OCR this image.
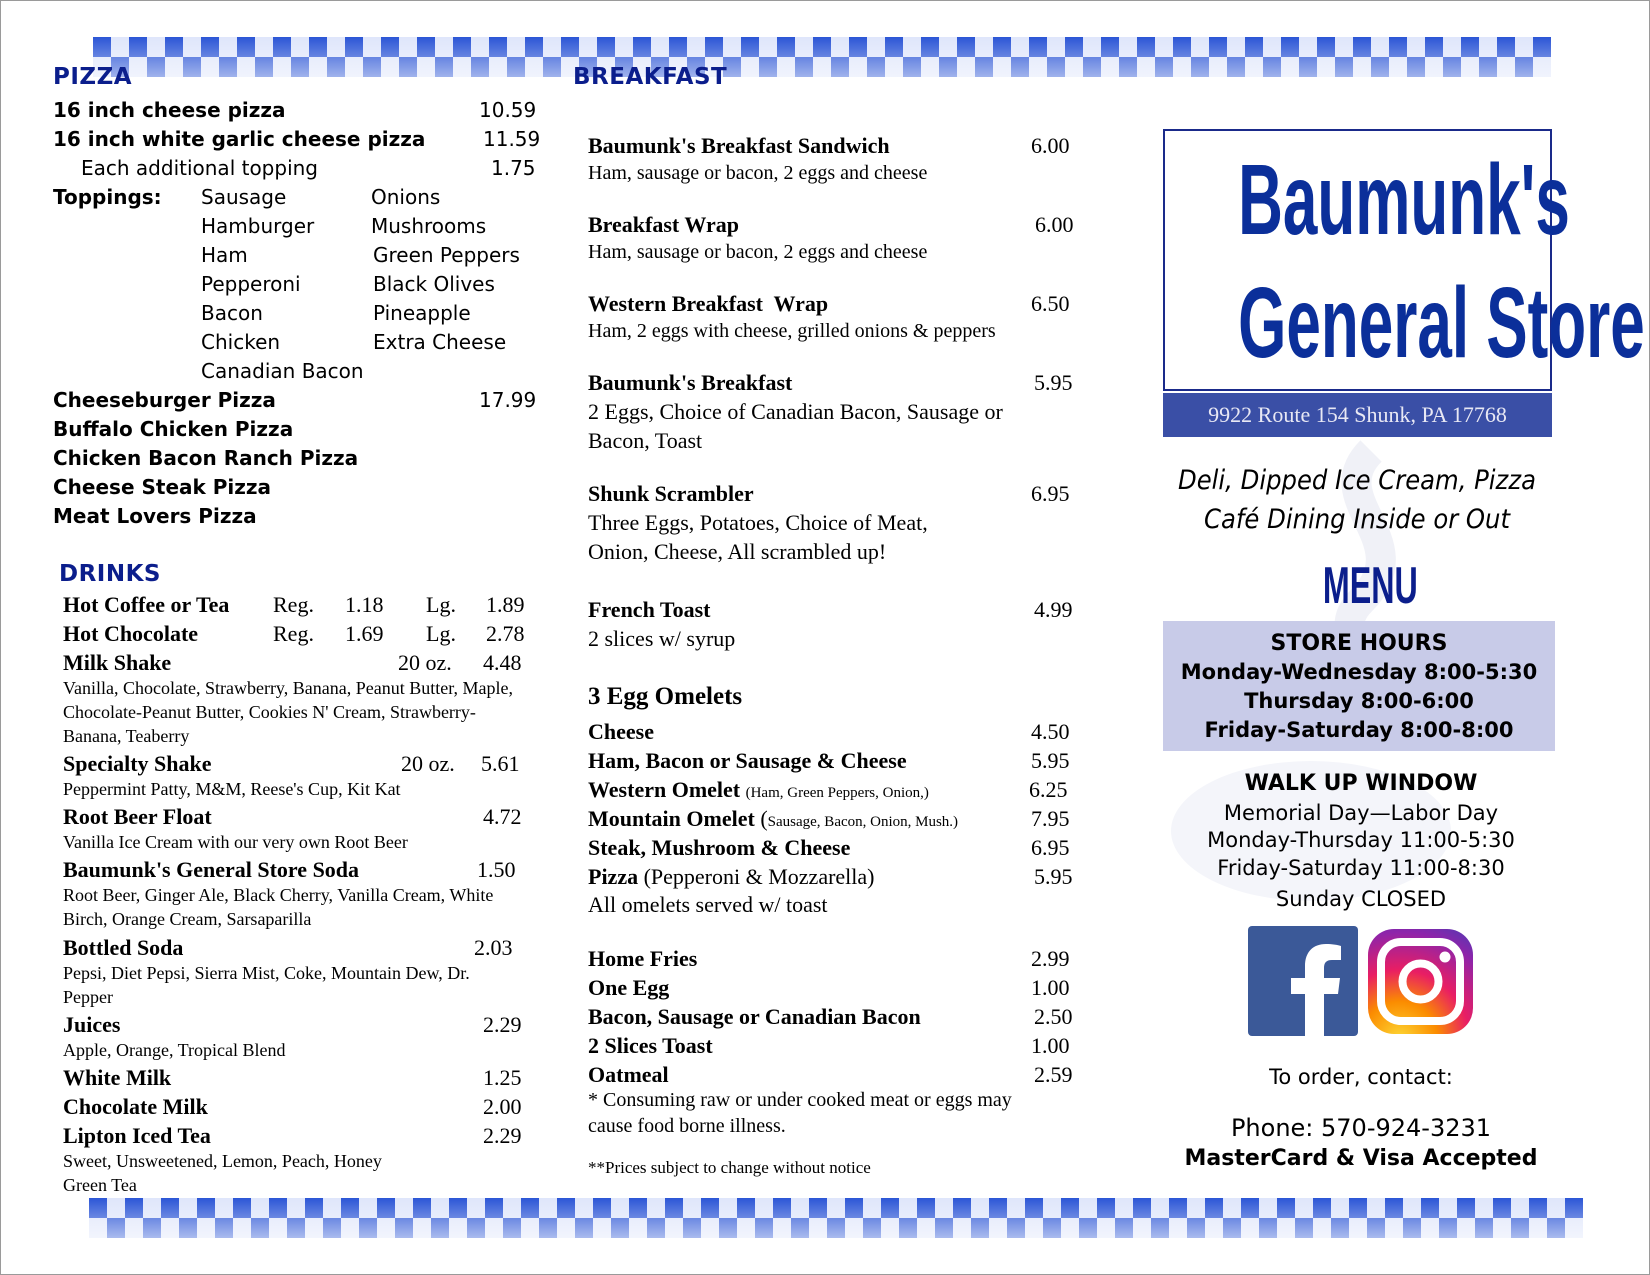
PIZZA
16 inch cheese pizza	10.59
16 inch white garlic cheese pizza	11.59
Each additional topping	1.75
Toppings: Sausage
Hamburger
Ham
Pepperoni
Bacon
Chicken
Canadian Bacon
Onions
Mushrooms
Green Peppers
Black Olives
Pineapple
Extra Cheese
Cheeseburger Pizza	17.99
Buffalo Chicken Pizza
Chicken Bacon Ranch Pizza
Cheese Steak Pizza
Meat Lovers Pizza
DRINKS
Hot Coffee or Tea Reg. 1.18 Lg. 1.89
Hot Chocolate	Reg. 1.69 Lg. 2.78
Milk Shake	20 oz. 4.48
Vanilla, Chocolate, Strawberry, Banana, Peanut Butter, Maple, Chocolate-Peanut Butter, Cookies N' Cream, Strawberry-Banana, Teaberry
Specialty Shake	20 oz. 5.61
Peppermint Patty, M&M, Reese's Cup, Kit Kat
Root Beer Float	4.72
Vanilla Ice Cream with our very own Root Beer
Baumunk's General Store Soda	1.50
Root Beer, Ginger Ale, Black Cherry, Vanilla Cream, White Birch, Orange Cream, Sarsaparilla
Bottled Soda	2.03
Pepsi, Diet Pepsi, Sierra Mist, Coke, Mountain Dew, Dr. Pepper
Juices	2.29
Apple, Orange, Tropical Blend
White Milk	1.25
Chocolate Milk	2.00
Lipton Iced Tea	2.29
Sweet, Unsweetened, Lemon, Peach, Honey Green Tea
BREAKFAST
Baumunk's Breakfast Sandwich	6.00
Ham, sausage or bacon, 2 eggs and cheese
Breakfast Wrap	6.00
Ham, sausage or bacon, 2 eggs and cheese
Western Breakfast  Wrap	6.50
Ham, 2 eggs with cheese, grilled onions & peppers
Baumunk's Breakfast	5.95
2 Eggs, Choice of Canadian Bacon, Sausage or Bacon, Toast
Shunk Scrambler	6.95
Three Eggs, Potatoes, Choice of Meat, Onion, Cheese, All scrambled up!
French Toast	4.99
2 slices w/ syrup
3 Egg Omelets
Cheese	4.50
Ham, Bacon or Sausage & Cheese	5.95
Western Omelet (Ham, Green Peppers, Onion,)	6.25
Mountain Omelet (Sausage, Bacon, Onion, Mush.)	7.95
Steak, Mushroom & Cheese	6.95
Pizza (Pepperoni & Mozzarella)	5.95
All omelets served w/ toast
Home Fries	2.99
One Egg	1.00
Bacon, Sausage or Canadian Bacon	2.50
2 Slices Toast	1.00
Oatmeal	2.59
* Consuming raw or under cooked meat or eggs may cause food borne illness.
**Prices subject to change without notice
Baumunk's
General Store
9922 Route 154 Shunk, PA 17768
Deli, Dipped Ice Cream, Pizza
Café Dining Inside or Out
MENU
STORE HOURS
Monday-Wednesday 8:00-5:30
Thursday 8:00-6:00
Friday-Saturday 8:00-8:00
WALK UP WINDOW
Memorial Day—Labor Day
Monday-Thursday 11:00-5:30
Friday-Saturday 11:00-8:30
Sunday CLOSED
To order, contact:
Phone: 570-924-3231
MasterCard & Visa Accepted
